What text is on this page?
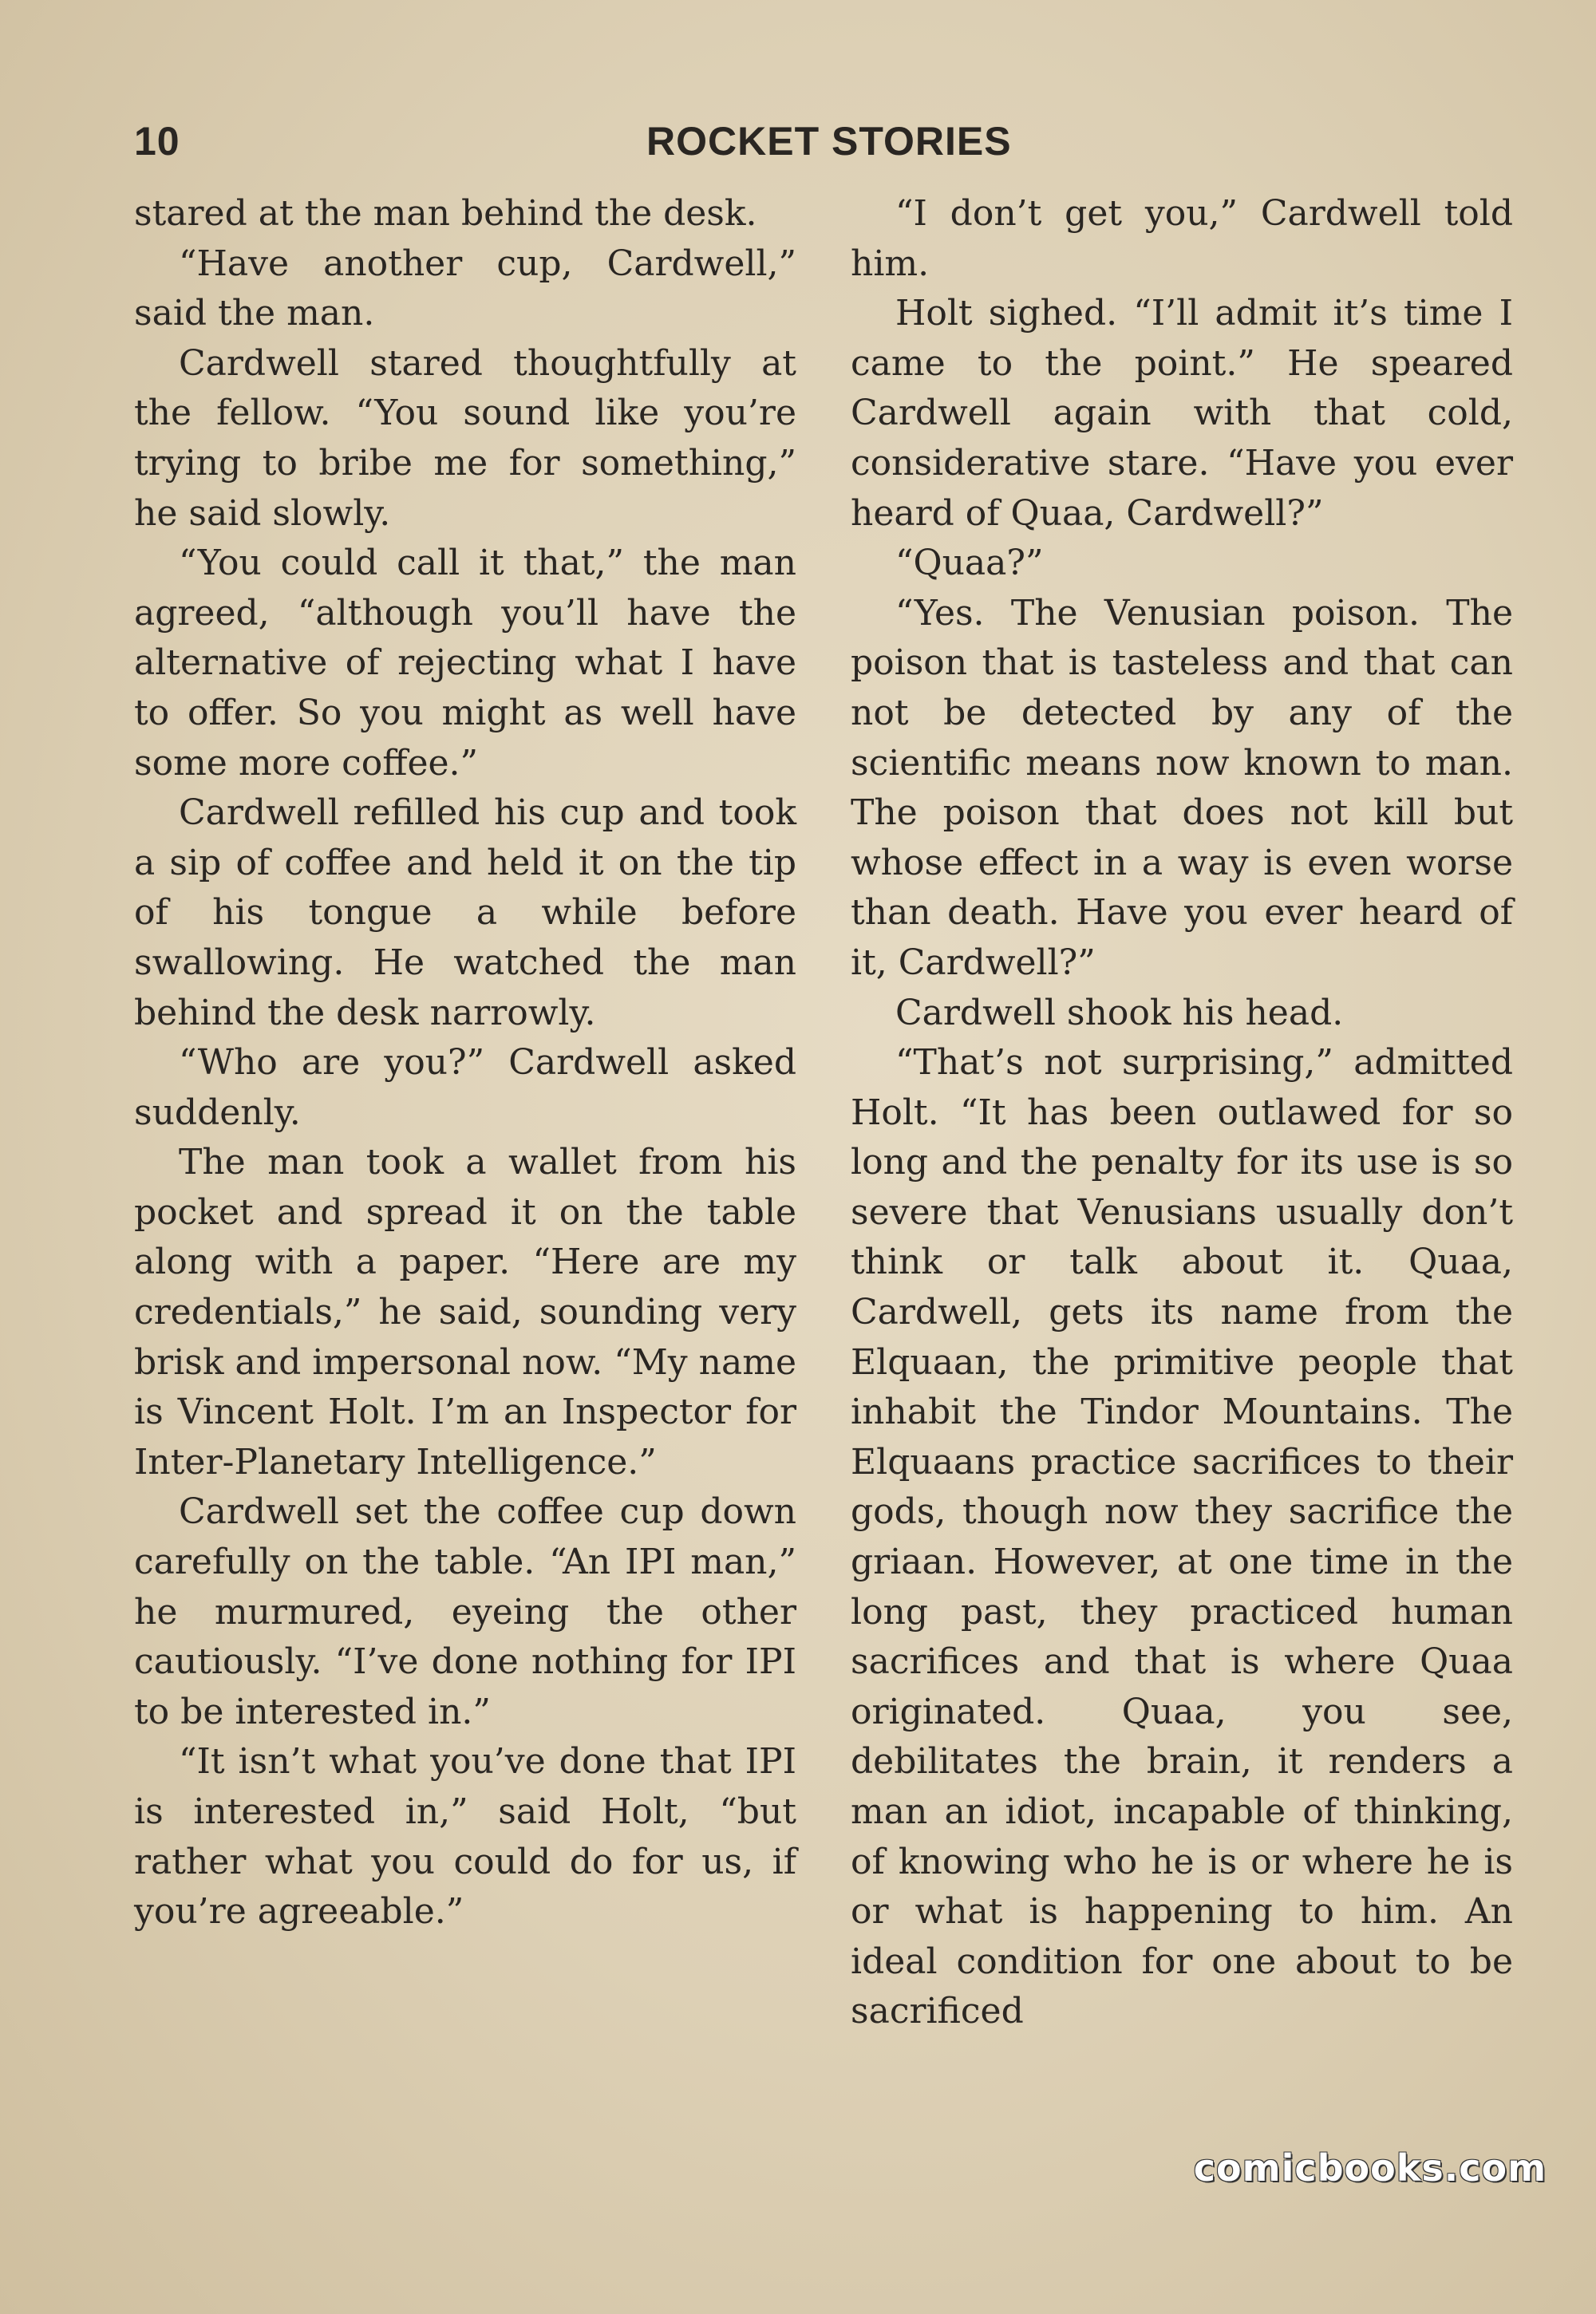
10	ROCKET STORIES

stared at the man behind the desk.

“Have another cup, Cardwell,” said the man.

Cardwell stared thoughtfully at the fellow. “You sound like you’re trying to bribe me for something,” he said slowly.

“You could call it that,” the man agreed, “although you’ll have the alternative of rejecting what I have to offer. So you might as well have some more coffee.”

Cardwell refilled his cup and took a sip of coffee and held it on the tip of his tongue a while before swallowing. He watched the man behind the desk narrowly.

“Who are you?” Cardwell asked suddenly.

The man took a wallet from his pocket and spread it on the table along with a paper. “Here are my credentials,” he said, sounding very brisk and impersonal now. “My name is Vincent Holt. I’m an Inspector for Inter-Planetary Intelligence.”

Cardwell set the coffee cup down carefully on the table. “An IPI man,” he murmured, eyeing the other cautiously. “I’ve done nothing for IPI to be interested in.”

“It isn’t what you’ve done that IPI is interested in,” said Holt, “but rather what you could do for us, if you’re agreeable.”

“I don’t get you,” Cardwell told him.

Holt sighed. “I’ll admit it’s time I came to the point.” He speared Cardwell again with that cold, considerative stare. “Have you ever heard of Quaa, Cardwell?”

“Quaa?”

“Yes. The Venusian poison. The poison that is tasteless and that can not be detected by any of the scientific means now known to man. The poison that does not kill but whose effect in a way is even worse than death. Have you ever heard of it, Cardwell?”

Cardwell shook his head.

“That’s not surprising,” admitted Holt. “It has been outlawed for so long and the penalty for its use is so severe that Venusians usually don’t think or talk about it. Quaa, Cardwell, gets its name from the Elquaan, the primitive people that inhabit the Tindor Mountains. The Elquaans practice sacrifices to their gods, though now they sacrifice the griaan. However, at one time in the long past, they practiced human sacrifices and that is where Quaa originated. Quaa, you see, debilitates the brain, it renders a man an idiot, incapable of thinking, of knowing who he is or where he is or what is happening to him. An ideal condition for one about to be sacrificed

comicbooks.com
